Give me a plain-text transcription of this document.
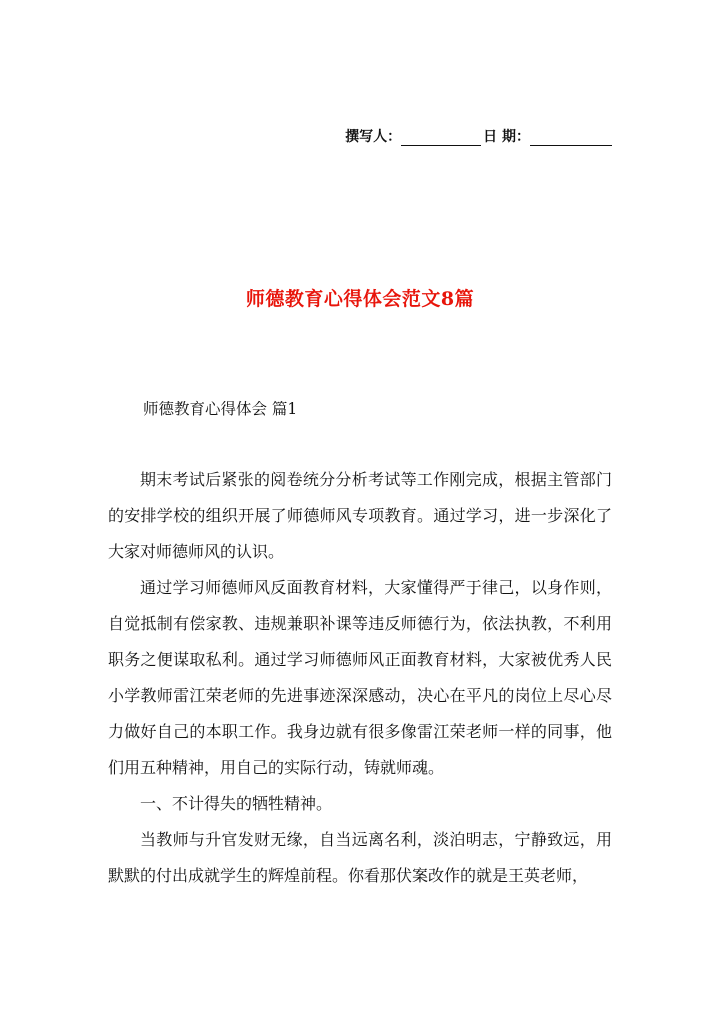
撰写人：	日 期：
师德教育心得体会范文8篇
师德教育心得体会 篇1

期末考试后紧张的阅卷统分分析考试等工作刚完成，根据主管部门的安排学校的组织开展了师德师风专项教育。通过学习，进一步深化了大家对师德师风的认识。

通过学习师德师风反面教育材料，大家懂得严于律己，以身作则，自觉抵制有偿家教、违规兼职补课等违反师德行为，依法执教，不利用职务之便谋取私利。通过学习师德师风正面教育材料，大家被优秀人民小学教师雷江荣老师的先进事迹深深感动，决心在平凡的岗位上尽心尽力做好自己的本职工作。我身边就有很多像雷江荣老师一样的同事，他们用五种精神，用自己的实际行动，铸就师魂。

一、不计得失的牺牲精神。

当教师与升官发财无缘，自当远离名利，淡泊明志，宁静致远，用默默的付出成就学生的辉煌前程。你看那伏案改作的就是王英老师，
